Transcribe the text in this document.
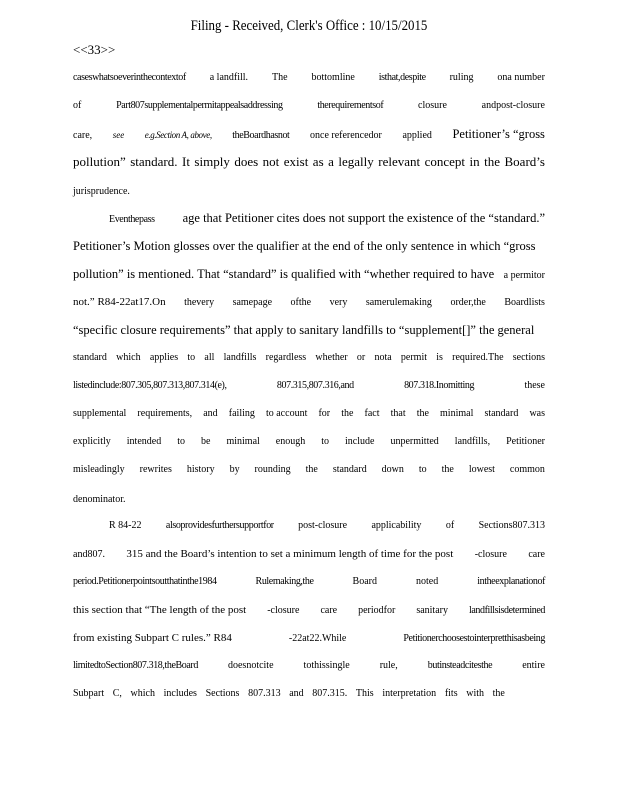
Filing - Received, Clerk's Office : 10/15/2015
<<33>>
caseswhatsoeverinthecontextof a landfill. The bottomline isthat,despite ruling ona number
of	Part807supplementalpermitappealsaddressing	therequirementsof	closure	andpost-closure
care, see e.g.Section A, above, theBoardhasnot once referencedor applied Petitioner’s “gross
pollution” standard. It simply does not exist as a legally relevant concept in the Board’s
jurisprudence.
Eventhepass age that Petitioner cites does not support the existence of the “standard.”
Petitioner’s Motion glosses over the qualifier at the end of the only sentence in which “gross
pollution” is mentioned. That “standard” is qualified with “whether required to have a permitor
not.” R84-22at17.On thevery samepage ofthe very samerulemaking order,the Boardlists
“specific closure requirements” that apply to sanitary landfills to “supplement[]” the general
standard which applies to all landfills regardless whether or nota permit is required.The sections
listedinclude:807.305,807.313,807.314(e),	807.315,807.316,and	807.318.Inomitting	these
supplemental requirements, and failing to account for the fact that the minimal standard was
explicitly intended to be minimal enough to include unpermitted landfills, Petitioner
misleadingly rewrites history by rounding the standard down to the lowest common
denominator.
R 84-22 alsoprovidesfurthersupportfor post-closure applicability of Sections807.313
and807. 315 and the Board’s intention to set a minimum length of time for the post -closure care
period.Petitionerpointsoutthatinthe1984	Rulemaking,the	Board	noted	intheexplanationof
this section that “The length of the post -closure care periodfor sanitary landfillsisdetermined
from existing Subpart C rules.” R84	-22at22.While	Petitionerchoosestointerpretthisasbeing
limitedtoSection807.318,theBoard	doesnotcite	tothissingle	rule,	butinsteadcitesthe	entire
Subpart C, which includes Sections 807.313 and 807.315. This interpretation fits with the
